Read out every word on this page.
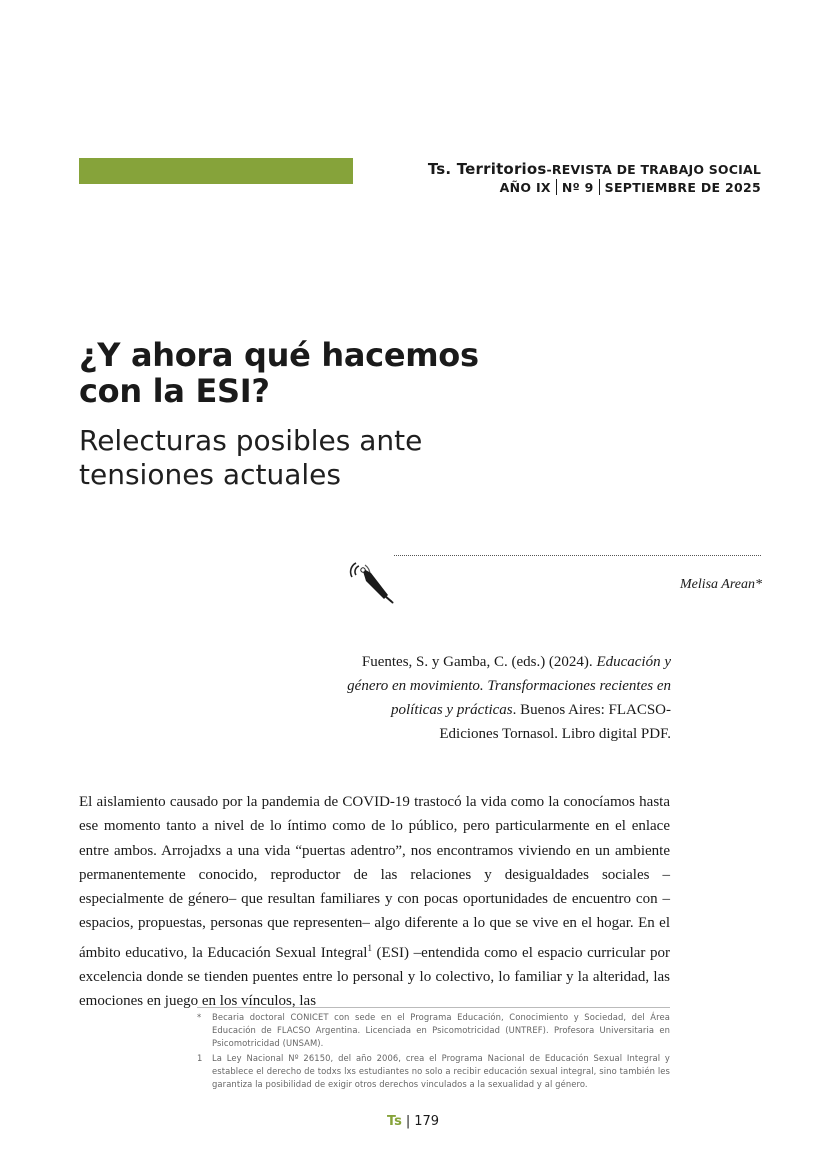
Ts. Territorios-REVISTA DE TRABAJO SOCIAL
AÑO IX Nº 9 SEPTIEMBRE DE 2025
¿Y ahora qué hacemos
con la ESI?
Relecturas posibles ante
tensiones actuales
Melisa Arean*
Fuentes, S. y Gamba, C. (eds.) (2024). Educación y género en movimiento. Transformaciones recientes en políticas y prácticas. Buenos Aires: FLACSO-Ediciones Tornasol. Libro digital PDF.

El aislamiento causado por la pandemia de COVID-19 trastocó la vida como la conocíamos hasta ese momento tanto a nivel de lo íntimo como de lo público, pero particularmente en el enlace entre ambos. Arrojadxs a una vida “puertas adentro”, nos encontramos viviendo en un ambiente permanentemente conocido, reproductor de las relaciones y desigualdades sociales –especialmente de género– que resultan familiares y con pocas oportunidades de encuentro con –espacios, propuestas, personas que representen– algo diferente a lo que se vive en el hogar. En el ámbito educativo, la Educación Sexual Integral$^1$ (ESI) –entendida como el espacio curricular por excelencia donde se tienden puentes entre lo personal y lo colectivo, lo familiar y la alteridad, las emociones en juego en los vínculos, las

*	Becaria doctoral CONICET con sede en el Programa Educación, Conocimiento y Sociedad, del Área Educación de FLACSO Argentina. Licenciada en Psicomotricidad (UNTREF). Profesora Universitaria en Psicomotricidad (UNSAM).
1	La Ley Nacional Nº 26150, del año 2006, crea el Programa Nacional de Educación Sexual Integral y establece el derecho de todxs lxs estudiantes no solo a recibir educación sexual integral, sino también les garantiza la posibilidad de exigir otros derechos vinculados a la sexualidad y al género.
Ts | 179
